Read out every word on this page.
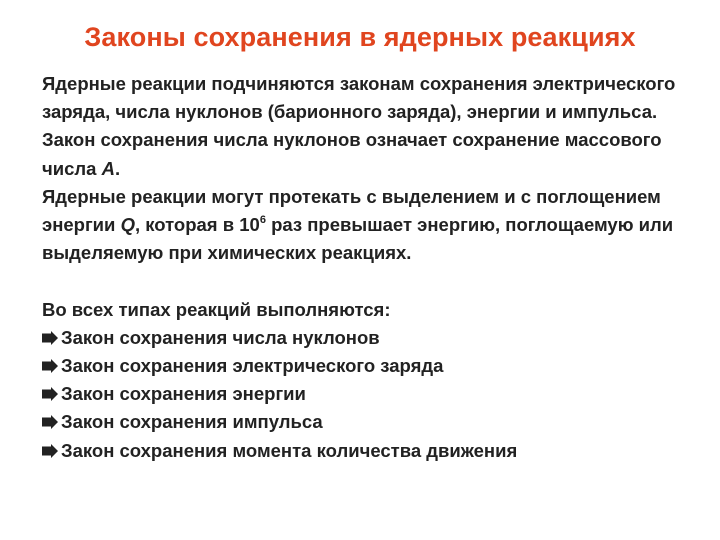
Законы сохранения в ядерных реакциях

Ядерные реакции подчиняются законам сохранения электрического заряда, числа нуклонов (барионного заряда), энергии и импульса.

Закон сохранения числа нуклонов означает сохранение массового числа A.

Ядерные реакции могут протекать с выделением и с поглощением энергии Q, которая в $10^6$ раз превышает энергию, поглощаемую или выделяемую при химических реакциях.

Во всех типах реакций выполняются:

Закон сохранения числа нуклонов
Закон сохранения электрического заряда
Закон сохранения энергии
Закон сохранения импульса
Закон сохранения момента количества движения
